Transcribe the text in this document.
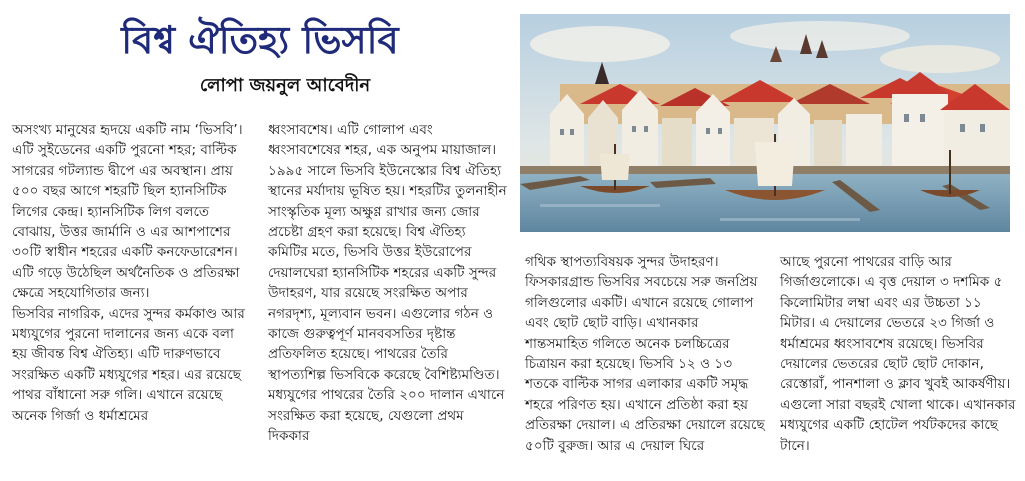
বিশ্ব ঐতিহ্য ভিসবি
লোপা জয়নুল আবেদীন

অসংখ্য মানুষের হৃদয়ে একটি নাম ‘ভিসবি’। এটি সুইডেনের একটি পুরনো শহর; বাল্টিক সাগরের গটল্যান্ড দ্বীপে এর অবস্থান। প্রায় ৫০০ বছর আগে শহরটি ছিল হ্যানসিটিক লিগের কেন্দ্র। হ্যানসিটিক লিগ বলতে বোঝায়, উত্তর জার্মানি ও এর আশপাশের ৩০টি স্বাধীন শহরের একটি কনফেডারেশন। এটি গড়ে উঠেছিল অর্থনৈতিক ও প্রতিরক্ষা ক্ষেত্রে সহযোগিতার জন্য।

ভিসবির নাগরিক, এদের সুন্দর কর্মকাণ্ড আর মধ্যযুগের পুরনো দালানের জন্য একে বলা হয় জীবন্ত বিশ্ব ঐতিহ্য। এটি দারুণভাবে সংরক্ষিত একটি মধ্যযুগের শহর। এর রয়েছে পাথর বাঁধানো সরু গলি। এখানে রয়েছে অনেক গির্জা ও ধর্মাশ্রমের

ধ্বংসাবশেষ। এটি গোলাপ এবং ধ্বংসাবশেষের শহর, এক অনুপম মায়াজাল। ১৯৯৫ সালে ভিসবি ইউনেস্কোর বিশ্ব ঐতিহ্য স্থানের মর্যাদায় ভূষিত হয়। শহরটির তুলনাহীন সাংস্কৃতিক মূল্য অক্ষুণ্ণ রাখার জন্য জোর প্রচেষ্টা গ্রহণ করা হয়েছে। বিশ্ব ঐতিহ্য কমিটির মতে, ভিসবি উত্তর ইউরোপের দেয়ালঘেরা হ্যানসিটিক শহরের একটি সুন্দর উদাহরণ, যার রয়েছে সংরক্ষিত অপার নগরদৃশ্য, মূল্যবান ভবন। এগুলোর গঠন ও কাজে গুরুত্বপূর্ণ মানববসতির দৃষ্টান্ত প্রতিফলিত হয়েছে। পাথরের তৈরি স্থাপত্যশিল্প ভিসবিকে করেছে বৈশিষ্ট্যমণ্ডিত। মধ্যযুগের পাথরের তৈরি ২০০ দালান এখানে সংরক্ষিত করা হয়েছে, যেগুলো প্রথম দিককার

গথিক স্থাপত্যবিষয়ক সুন্দর উদাহরণ। ফিসকারগ্রান্ড ভিসবির সবচেয়ে সরু জনপ্রিয় গলিগুলোর একটি। এখানে রয়েছে গোলাপ এবং ছোট ছোট বাড়ি। এখানকার শান্তসমাহিত গলিতে অনেক চলচ্চিত্রের চিত্রায়ন করা হয়েছে। ভিসবি ১২ ও ১৩ শতকে বাল্টিক সাগর এলাকার একটি সমৃদ্ধ শহরে পরিণত হয়। এখানে প্রতিষ্ঠা করা হয় প্রতিরক্ষা দেয়াল। এ প্রতিরক্ষা দেয়ালে রয়েছে ৫০টি বুরুজ। আর এ দেয়াল ঘিরে

আছে পুরনো পাথরের বাড়ি আর গির্জাগুলোকে। এ বৃত্ত দেয়াল ৩ দশমিক ৫ কিলোমিটার লম্বা এবং এর উচ্চতা ১১ মিটার। এ দেয়ালের ভেতরে ২৩ গির্জা ও ধর্মাশ্রমের ধ্বংসাবশেষ রয়েছে। ভিসবির দেয়ালের ভেতরের ছোট ছোট দোকান, রেস্তোরাঁ, পানশালা ও ক্লাব খুবই আকর্ষণীয়। এগুলো সারা বছরই খোলা থাকে। এখানকার মধ্যযুগের একটি হোটেল পর্যটকদের কাছে টানে।
